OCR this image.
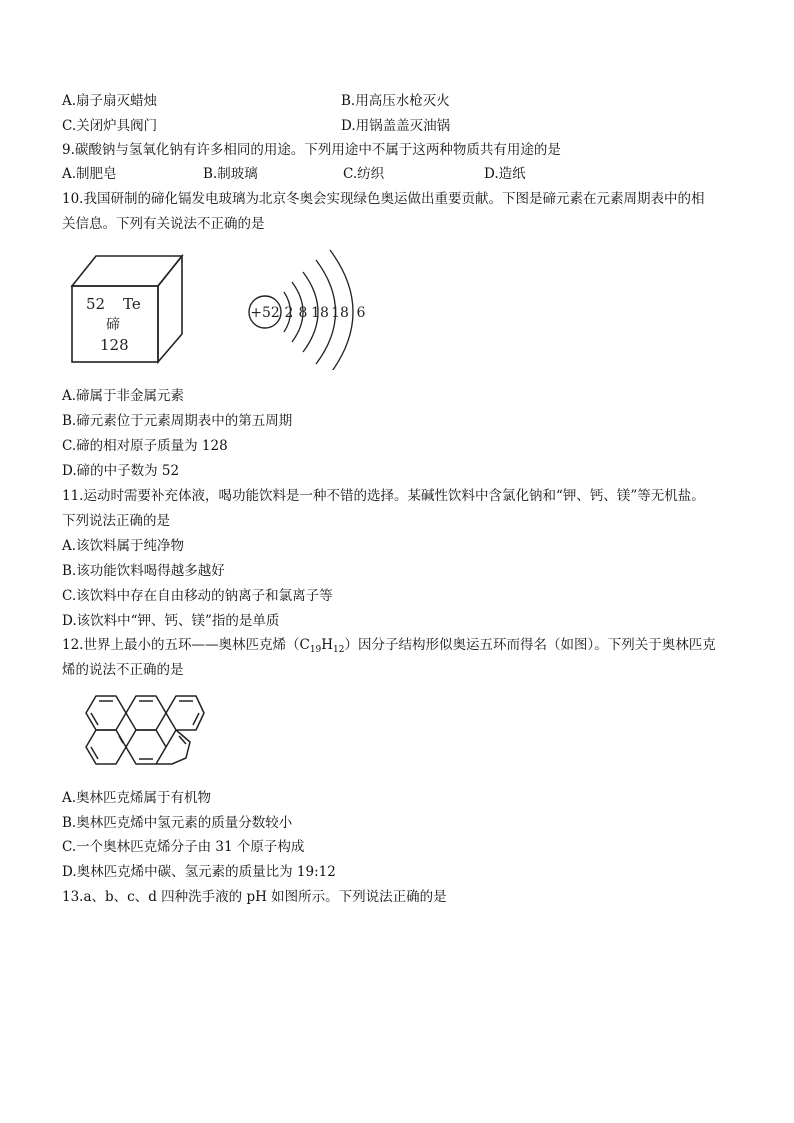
A.扇子扇灭蜡烛	B.用高压水枪灭火
C.关闭炉具阀门	D.用锅盖盖灭油锅
9.碳酸钠与氢氧化钠有许多相同的用途。下列用途中不属于这两种物质共有用途的是
A.制肥皂	B.制玻璃	C.纺织	D.造纸
10.我国研制的碲化镉发电玻璃为北京冬奥会实现绿色奥运做出重要贡献。下图是碲元素在元素周期表中的相
关信息。下列有关说法不正确的是
52 Te
碲
128
+52 2 8 18 18 6
A.碲属于非金属元素
B.碲元素位于元素周期表中的第五周期
C.碲的相对原子质量为 128
D.碲的中子数为 52
11.运动时需要补充体液，喝功能饮料是一种不错的选择。某碱性饮料中含氯化钠和“钾、钙、镁”等无机盐。
下列说法正确的是
A.该饮料属于纯净物
B.该功能饮料喝得越多越好
C.该饮料中存在自由移动的钠离子和氯离子等
D.该饮料中“钾、钙、镁”指的是单质
12.世界上最小的五环——奥林匹克烯$(C_{19}H_{12})$因分子结构形似奥运五环而得名（如图）。下列关于奥林匹克
烯的说法不正确的是
A.奥林匹克烯属于有机物
B.奥林匹克烯中氢元素的质量分数较小
C.一个奥林匹克烯分子由 31 个原子构成
D.奥林匹克烯中碳、氢元素的质量比为 19:12
13.a、b、c、d 四种洗手液的 pH 如图所示。下列说法正确的是
